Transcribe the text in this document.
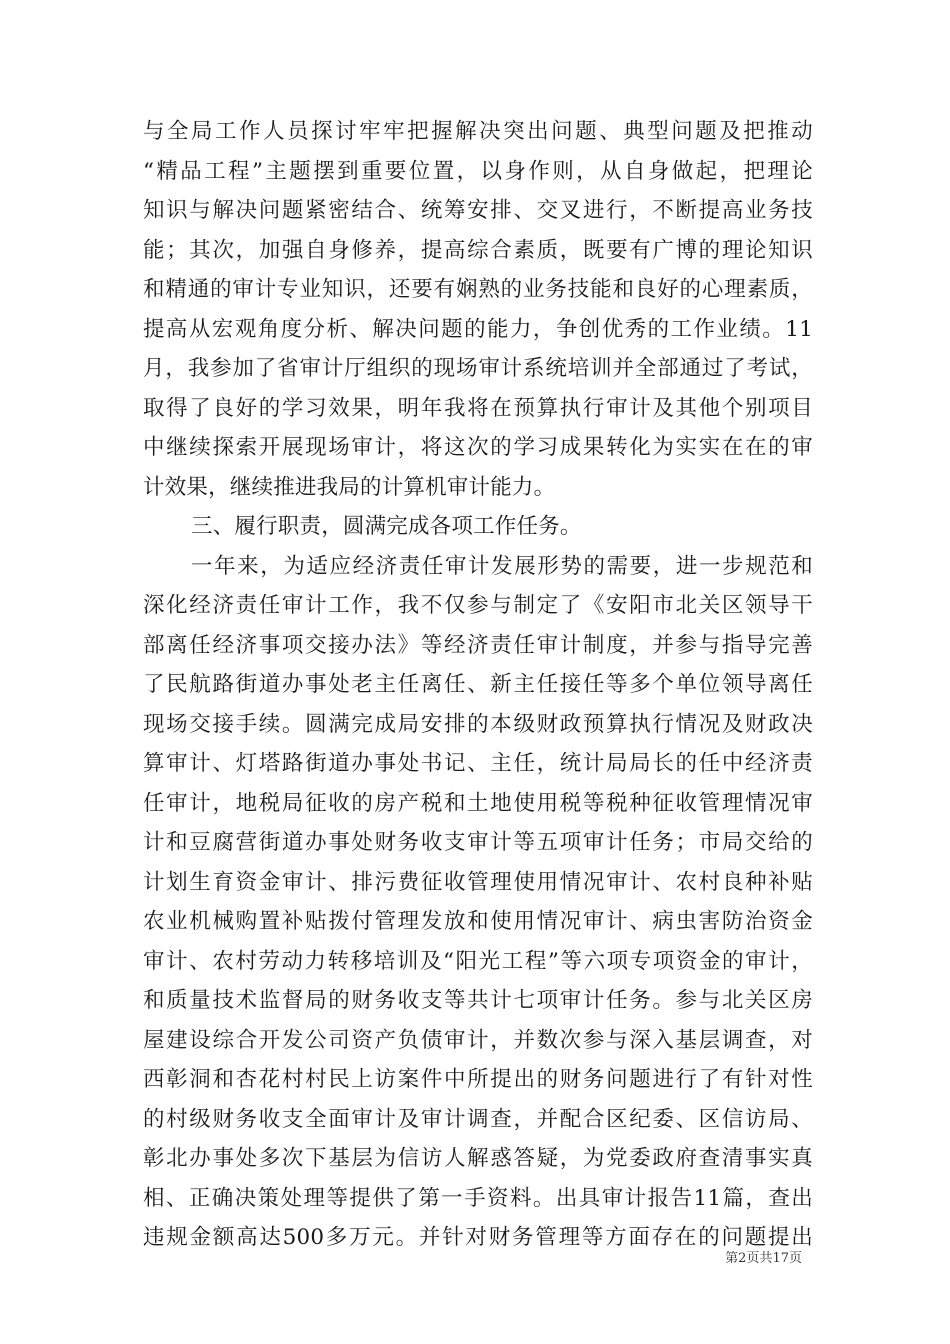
与全局工作人员探讨牢牢把握解决突出问题、典型问题及把推动
“精品工程”主题摆到重要位置，以身作则，从自身做起，把理论
知识与解决问题紧密结合、统筹安排、交叉进行，不断提高业务技
能；其次，加强自身修养，提高综合素质，既要有广博的理论知识
和精通的审计专业知识，还要有娴熟的业务技能和良好的心理素质，
提高从宏观角度分析、解决问题的能力，争创优秀的工作业绩。11
月，我参加了省审计厅组织的现场审计系统培训并全部通过了考试，
取得了良好的学习效果，明年我将在预算执行审计及其他个别项目
中继续探索开展现场审计，将这次的学习成果转化为实实在在的审
计效果，继续推进我局的计算机审计能力。
三、履行职责，圆满完成各项工作任务。
一年来，为适应经济责任审计发展形势的需要，进一步规范和
深化经济责任审计工作，我不仅参与制定了《安阳市北关区领导干
部离任经济事项交接办法》等经济责任审计制度，并参与指导完善
了民航路街道办事处老主任离任、新主任接任等多个单位领导离任
现场交接手续。圆满完成局安排的本级财政预算执行情况及财政决
算审计、灯塔路街道办事处书记、主任，统计局局长的任中经济责
任审计，地税局征收的房产税和土地使用税等税种征收管理情况审
计和豆腐营街道办事处财务收支审计等五项审计任务；市局交给的
计划生育资金审计、排污费征收管理使用情况审计、农村良种补贴
农业机械购置补贴拨付管理发放和使用情况审计、病虫害防治资金
审计、农村劳动力转移培训及“阳光工程”等六项专项资金的审计，
和质量技术监督局的财务收支等共计七项审计任务。参与北关区房
屋建设综合开发公司资产负债审计，并数次参与深入基层调查，对
西彰洞和杏花村村民上访案件中所提出的财务问题进行了有针对性
的村级财务收支全面审计及审计调查，并配合区纪委、区信访局、
彰北办事处多次下基层为信访人解惑答疑，为党委政府查清事实真
相、正确决策处理等提供了第一手资料。出具审计报告11篇，查出
违规金额高达500多万元。并针对财务管理等方面存在的问题提出
第2页共17页
